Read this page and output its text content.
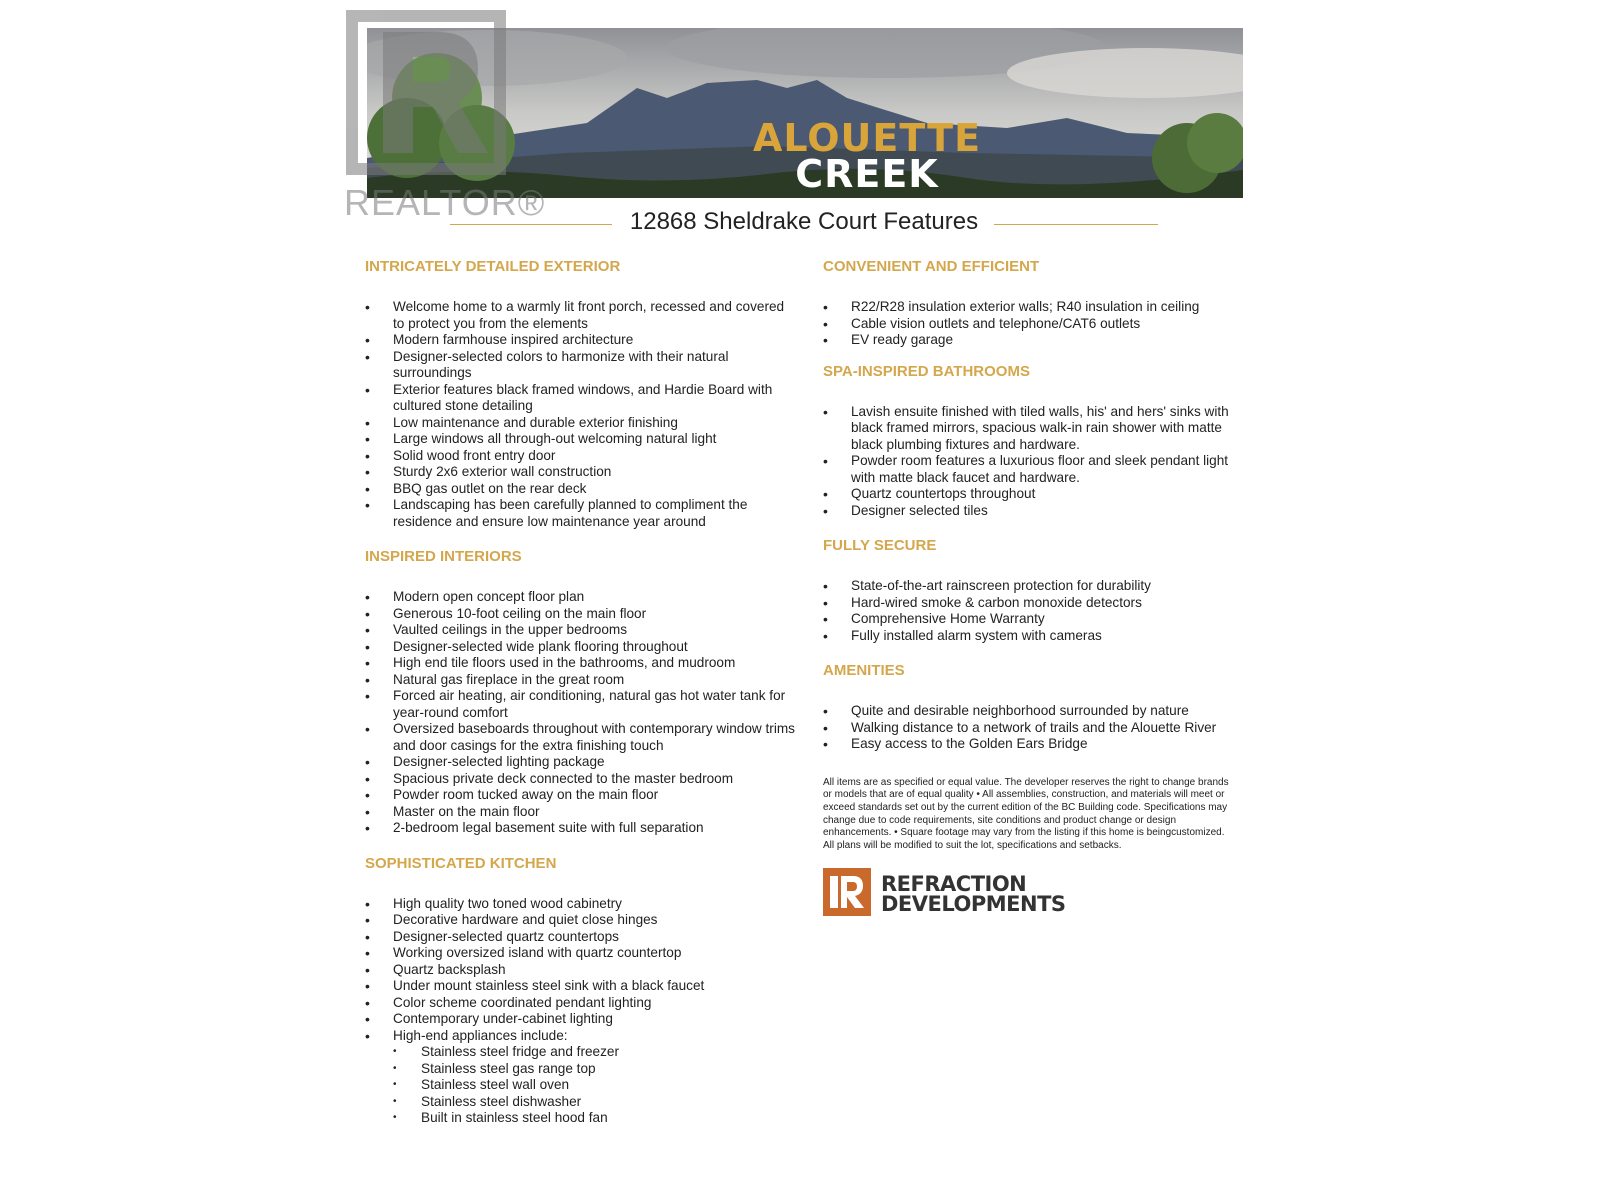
ALOUETTE
CREEK
REALTOR®	12868 Sheldrake Court Features
INTRICATELY DETAILED EXTERIOR
• Welcome home to a warmly lit front porch, recessed and covered to protect you from the elements
• Modern farmhouse inspired architecture
• Designer-selected colors to harmonize with their natural surroundings
• Exterior features black framed windows, and Hardie Board with cultured stone detailing
• Low maintenance and durable exterior finishing
• Large windows all through-out welcoming natural light
• Solid wood front entry door
• Sturdy 2x6 exterior wall construction
• BBQ gas outlet on the rear deck
• Landscaping has been carefully planned to compliment the residence and ensure low maintenance year around
INSPIRED INTERIORS
• Modern open concept floor plan
• Generous 10-foot ceiling on the main floor
• Vaulted ceilings in the upper bedrooms
• Designer-selected wide plank flooring throughout
• High end tile floors used in the bathrooms, and mudroom
• Natural gas fireplace in the great room
• Forced air heating, air conditioning, natural gas hot water tank for year-round comfort
• Oversized baseboards throughout with contemporary window trims and door casings for the extra finishing touch
• Designer-selected lighting package
• Spacious private deck connected to the master bedroom
• Powder room tucked away on the main floor
• Master on the main floor
• 2-bedroom legal basement suite with full separation
SOPHISTICATED KITCHEN
• High quality two toned wood cabinetry
• Decorative hardware and quiet close hinges
• Designer-selected quartz countertops
• Working oversized island with quartz countertop
• Quartz backsplash
• Under mount stainless steel sink with a black faucet
• Color scheme coordinated pendant lighting
• Contemporary under-cabinet lighting
• High-end appliances include:
• Stainless steel fridge and freezer
• Stainless steel gas range top
• Stainless steel wall oven
• Stainless steel dishwasher
• Built in stainless steel hood fan
CONVENIENT AND EFFICIENT
• R22/R28 insulation exterior walls; R40 insulation in ceiling
• Cable vision outlets and telephone/CAT6 outlets
• EV ready garage
SPA-INSPIRED BATHROOMS
• Lavish ensuite finished with tiled walls, his' and hers' sinks with black framed mirrors, spacious walk-in rain shower with matte black plumbing fixtures and hardware.
• Powder room features a luxurious floor and sleek pendant light with matte black faucet and hardware.
• Quartz countertops throughout
• Designer selected tiles
FULLY SECURE
• State-of-the-art rainscreen protection for durability
• Hard-wired smoke & carbon monoxide detectors
• Comprehensive Home Warranty
• Fully installed alarm system with cameras
AMENITIES
• Quite and desirable neighborhood surrounded by nature
• Walking distance to a network of trails and the Alouette River
• Easy access to the Golden Ears Bridge
All items are as specified or equal value. The developer reserves the right to change brands or models that are of equal quality • All assemblies, construction, and materials will meet or exceed standards set out by the current edition of the BC Building code. Specifications may change due to code requirements, site conditions and product change or design enhancements. • Square footage may vary from the listing if this home is beingcustomized. All plans will be modified to suit the lot, specifications and setbacks.
REFRACTION
DEVELOPMENTS
